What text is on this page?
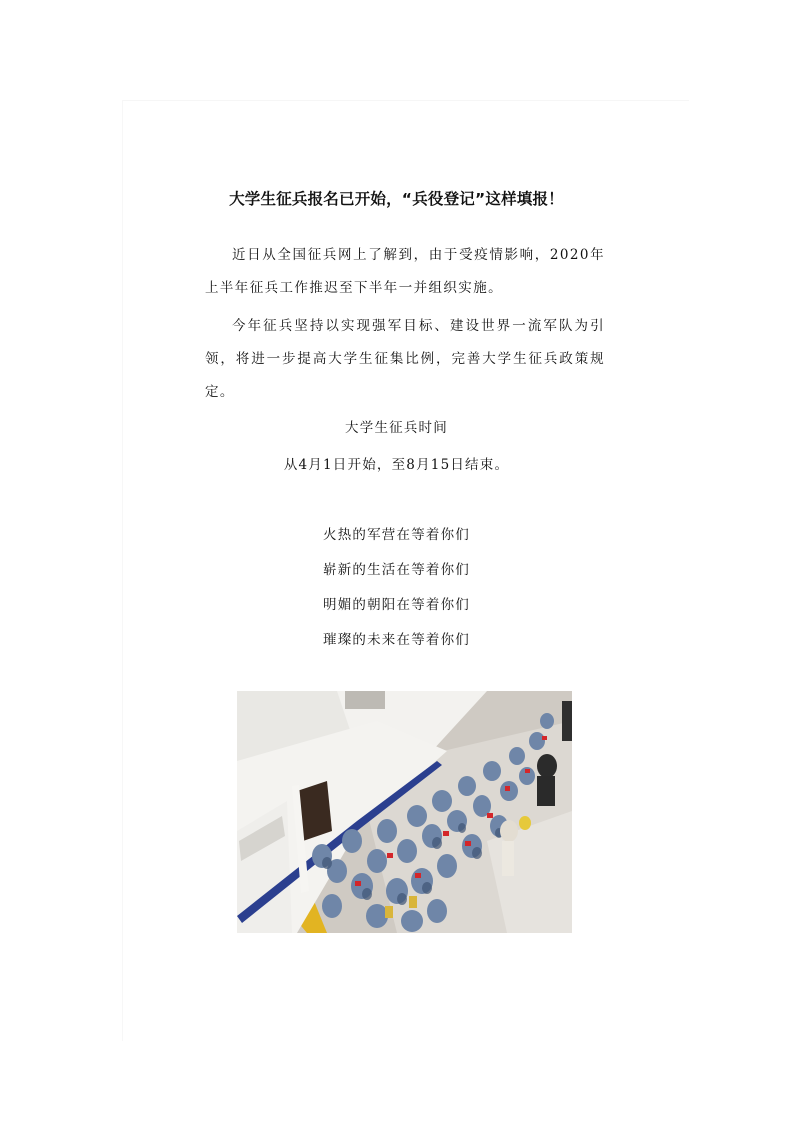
大学生征兵报名已开始，“兵役登记”这样填报！

近日从全国征兵网上了解到，由于受疫情影响，2020年上半年征兵工作推迟至下半年一并组织实施。

今年征兵坚持以实现强军目标、建设世界一流军队为引领，将进一步提高大学生征集比例，完善大学生征兵政策规定。

大学生征兵时间
从4月1日开始，至8月15日结束。
火热的军营在等着你们
崭新的生活在等着你们
明媚的朝阳在等着你们
璀璨的未来在等着你们
